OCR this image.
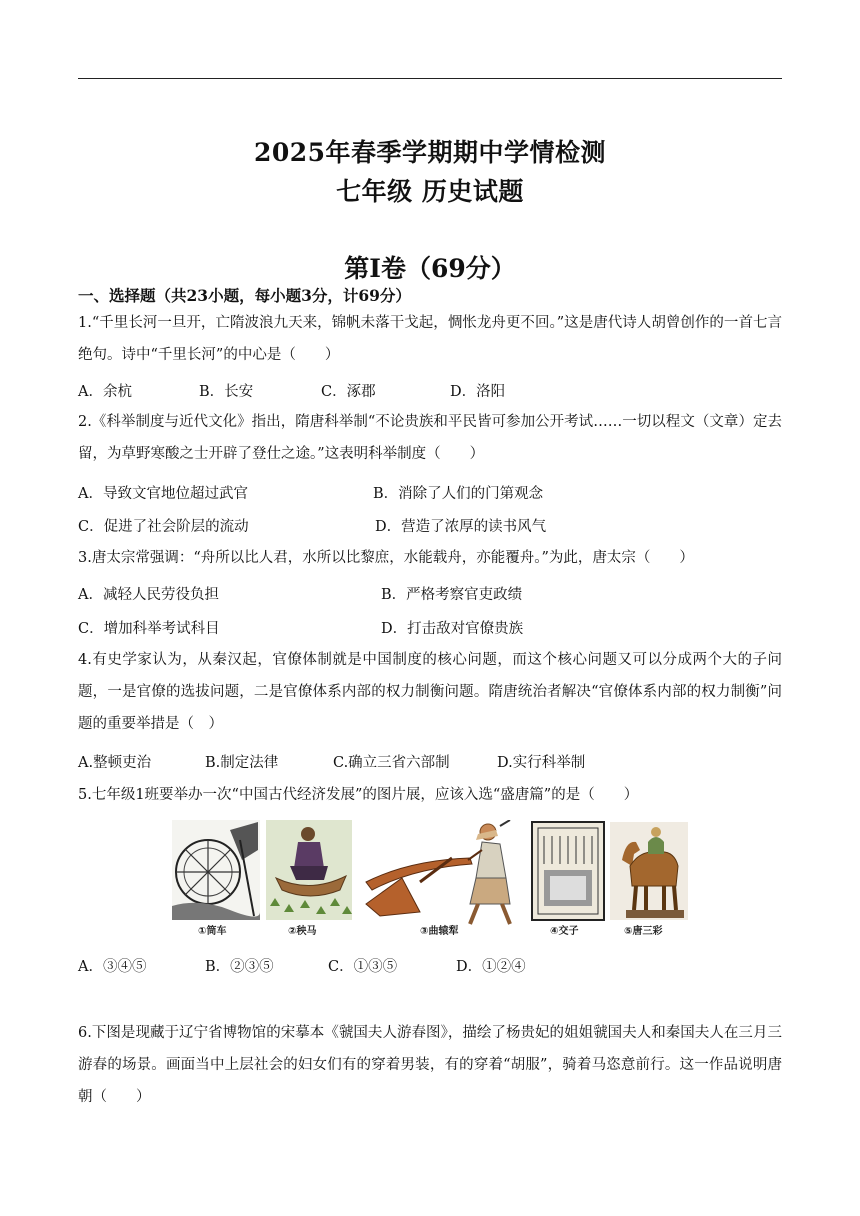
2025年春季学期期中学情检测
七年级 历史试题
第Ⅰ卷（69分）
一、选择题（共23小题，每小题3分，计69分）
1.“千里长河一旦开，亡隋波浪九天来，锦帆未落干戈起，惆怅龙舟更不回。”这是唐代诗人胡曾创作的一首七言绝句。诗中“千里长河”的中心是（　　）
A．余杭	B．长安	C．涿郡	D．洛阳
2.《科举制度与近代文化》指出，隋唐科举制“不论贵族和平民皆可参加公开考试……一切以程文（文章）定去留，为草野寒酸之士开辟了登仕之途。”这表明科举制度（　　）
A．导致文官地位超过武官	B．消除了人们的门第观念
C．促进了社会阶层的流动	D．营造了浓厚的读书风气
3.唐太宗常强调：“舟所以比人君，水所以比黎庶，水能载舟，亦能覆舟。”为此，唐太宗（　　）
A．减轻人民劳役负担	B．严格考察官吏政绩
C．增加科举考试科目	D．打击敌对官僚贵族
4.有史学家认为，从秦汉起，官僚体制就是中国制度的核心问题，而这个核心问题又可以分成两个大的子问题，一是官僚的选拔问题，二是官僚体系内部的权力制衡问题。隋唐统治者解决“官僚体系内部的权力制衡”问题的重要举措是（　）
A.整顿吏治	B.制定法律	C.确立三省六部制	D.实行科举制
5.七年级1班要举办一次“中国古代经济发展”的图片展，应该入选“盛唐篇”的是（　　）
①筒车	②秧马	③曲辕犁	④交子	⑤唐三彩
A．③④⑤	B．②③⑤	C．①③⑤	D．①②④
6.下图是现藏于辽宁省博物馆的宋摹本《虢国夫人游春图》，描绘了杨贵妃的姐姐虢国夫人和秦国夫人在三月三游春的场景。画面当中上层社会的妇女们有的穿着男装，有的穿着“胡服”，骑着马恣意前行。这一作品说明唐朝（　　）
